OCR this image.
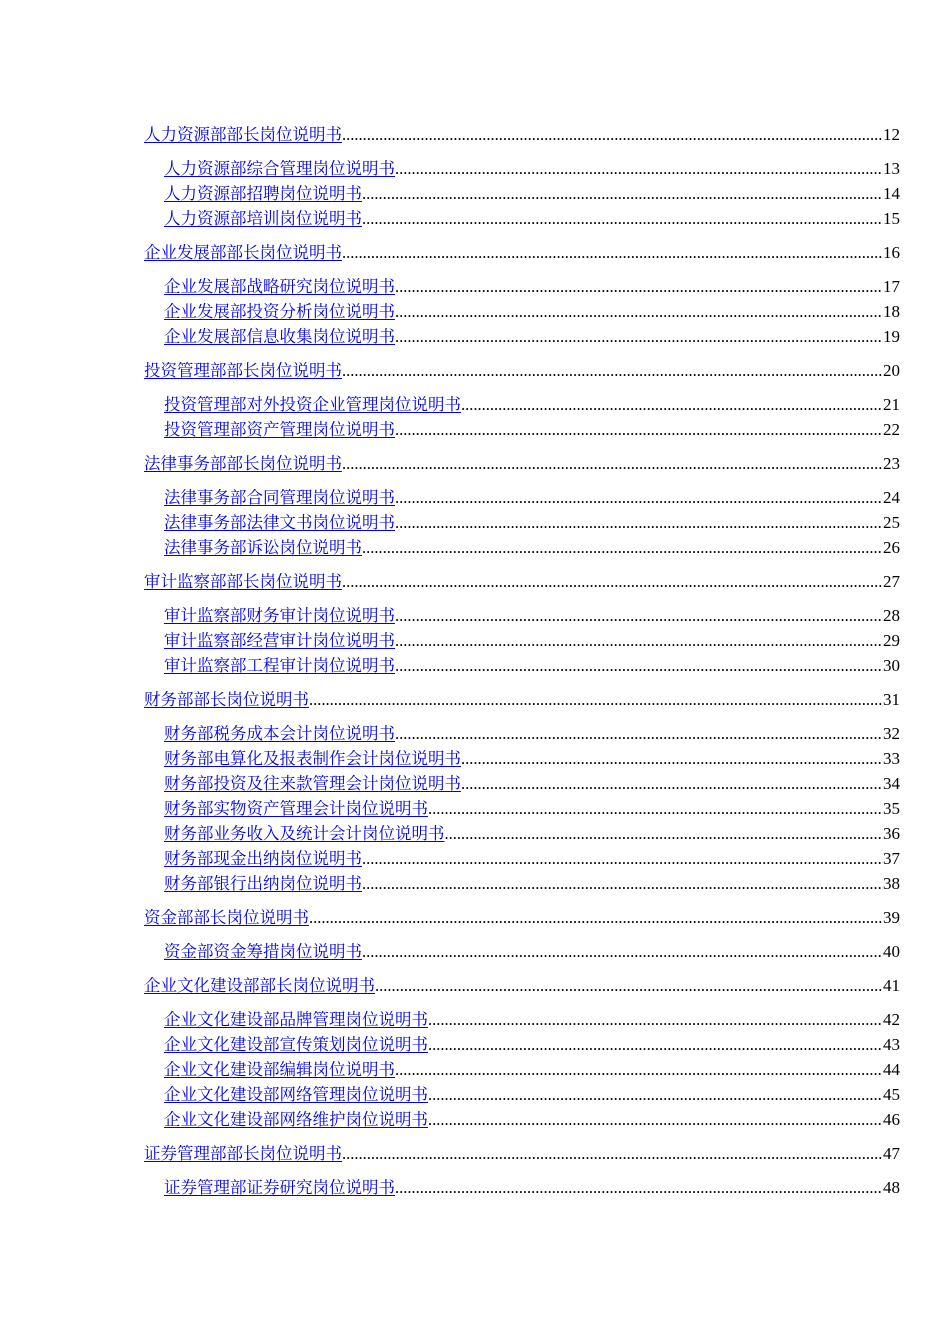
人力资源部部长岗位说明书 .....	12
人力资源部综合管理岗位说明书 .....	13
人力资源部招聘岗位说明书 .....	14
人力资源部培训岗位说明书 .....	15
企业发展部部长岗位说明书 .....	16
企业发展部战略研究岗位说明书 .....	17
企业发展部投资分析岗位说明书 .....	18
企业发展部信息收集岗位说明书 .....	19
投资管理部部长岗位说明书 .....	20
投资管理部对外投资企业管理岗位说明书 .....	21
投资管理部资产管理岗位说明书 .....	22
法律事务部部长岗位说明书 .....	23
法律事务部合同管理岗位说明书 .....	24
法律事务部法律文书岗位说明书 .....	25
法律事务部诉讼岗位说明书 .....	26
审计监察部部长岗位说明书 .....	27
审计监察部财务审计岗位说明书 .....	28
审计监察部经营审计岗位说明书 .....	29
审计监察部工程审计岗位说明书 .....	30
财务部部长岗位说明书 .....	31
财务部税务成本会计岗位说明书 .....	32
财务部电算化及报表制作会计岗位说明书 .....	33
财务部投资及往来款管理会计岗位说明书 .....	34
财务部实物资产管理会计岗位说明书 .....	35
财务部业务收入及统计会计岗位说明书 .....	36
财务部现金出纳岗位说明书 .....	37
财务部银行出纳岗位说明书 .....	38
资金部部长岗位说明书 .....	39
资金部资金筹措岗位说明书 .....	40
企业文化建设部部长岗位说明书 .....	41
企业文化建设部品牌管理岗位说明书 .....	42
企业文化建设部宣传策划岗位说明书 .....	43
企业文化建设部编辑岗位说明书 .....	44
企业文化建设部网络管理岗位说明书 .....	45
企业文化建设部网络维护岗位说明书 .....	46
证券管理部部长岗位说明书 .....	47
证券管理部证券研究岗位说明书 .....	48
